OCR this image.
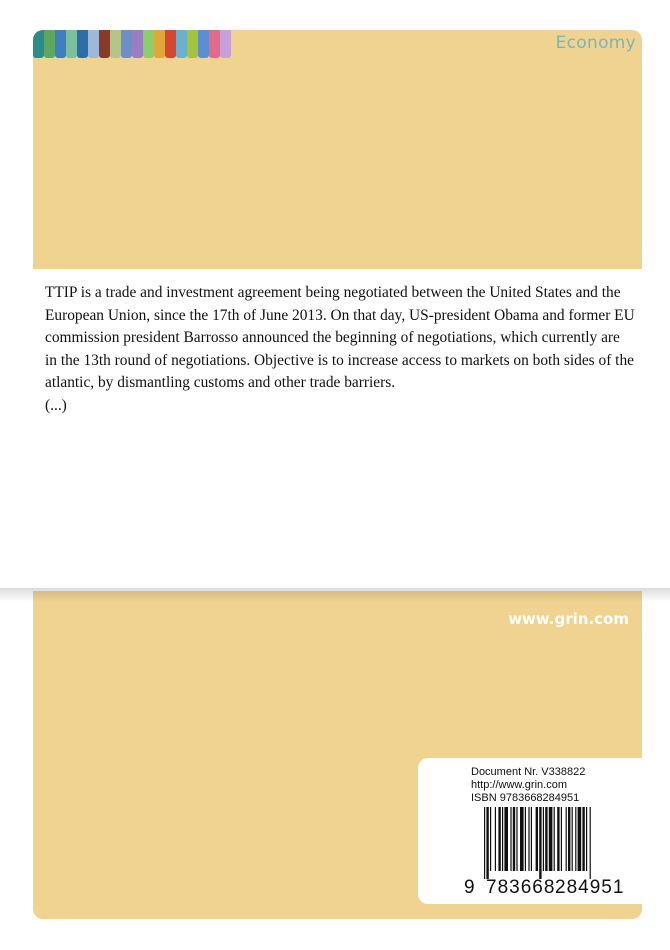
Economy

TTIP is a trade and investment agreement being negotiated between the United States and the European Union, since the 17th of June 2013. On that day, US-president Obama and former EU commission president Barrosso announced the beginning of negotiations, which currently are in the 13th round of negotiations. Objective is to increase access to markets on both sides of the atlantic, by dismantling customs and other trade barriers.

(...)

www.grin.com
Document Nr. V338822
http://www.grin.com
ISBN 9783668284951
9 783668 284951
